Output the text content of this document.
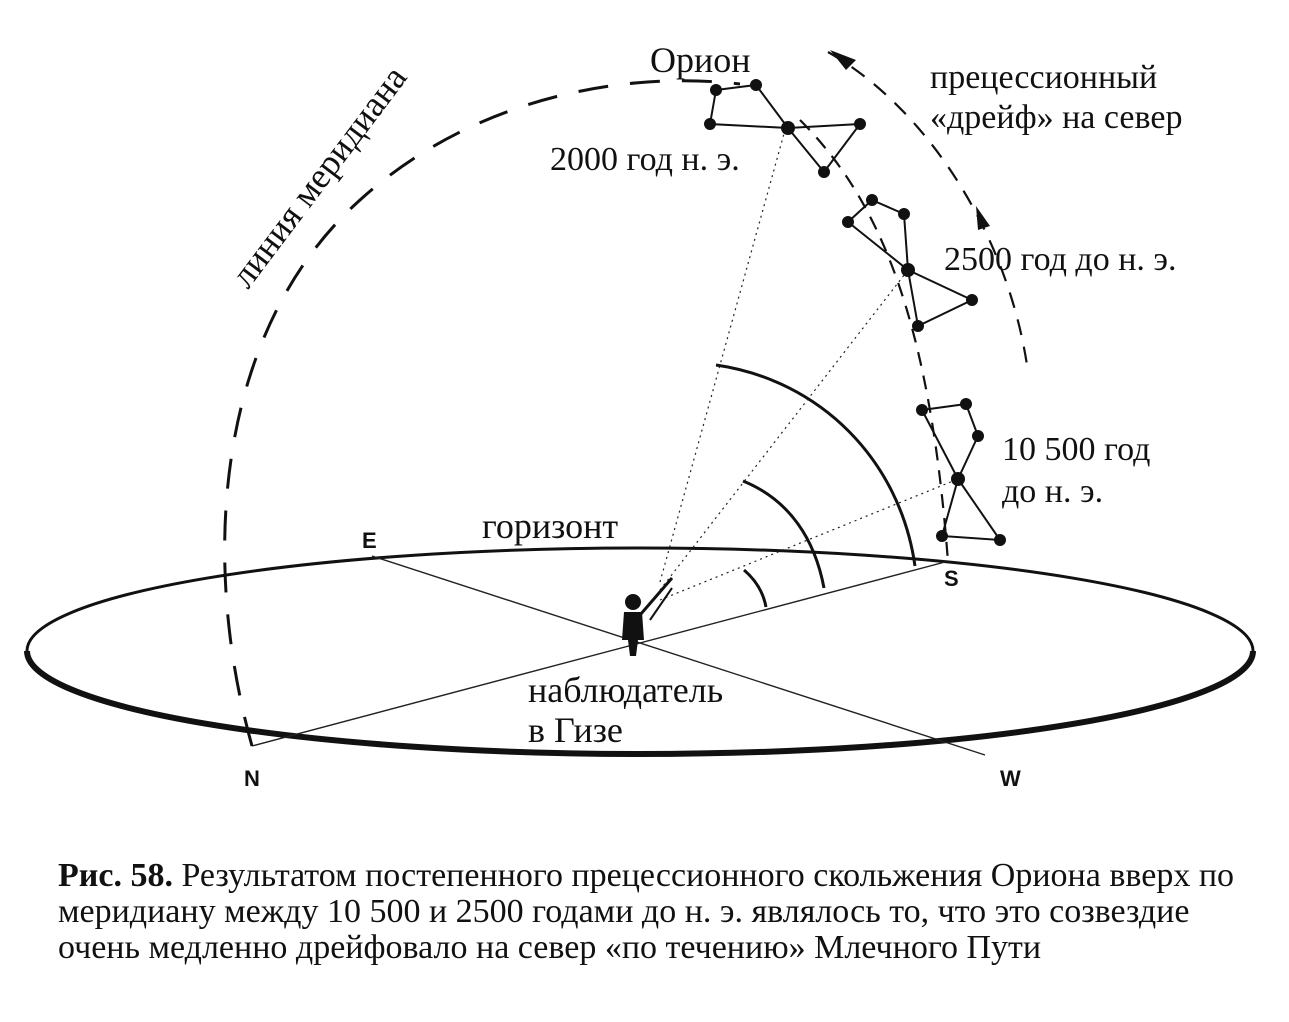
Орион
линия меридиана	прецессионный
«дрейф» на север
2000 год н. э.
2500 год до н. э.
10 500 год
до н. э.
горизонт
наблюдатель
в Гизе
E
S
N	W

Рис. 58. Результатом постепенного прецессионного скольжения Ориона вверх по меридиану между 10 500 и 2500 годами до н. э. являлось то, что это созвездие очень медленно дрейфовало на север «по течению» Млечного Пути
